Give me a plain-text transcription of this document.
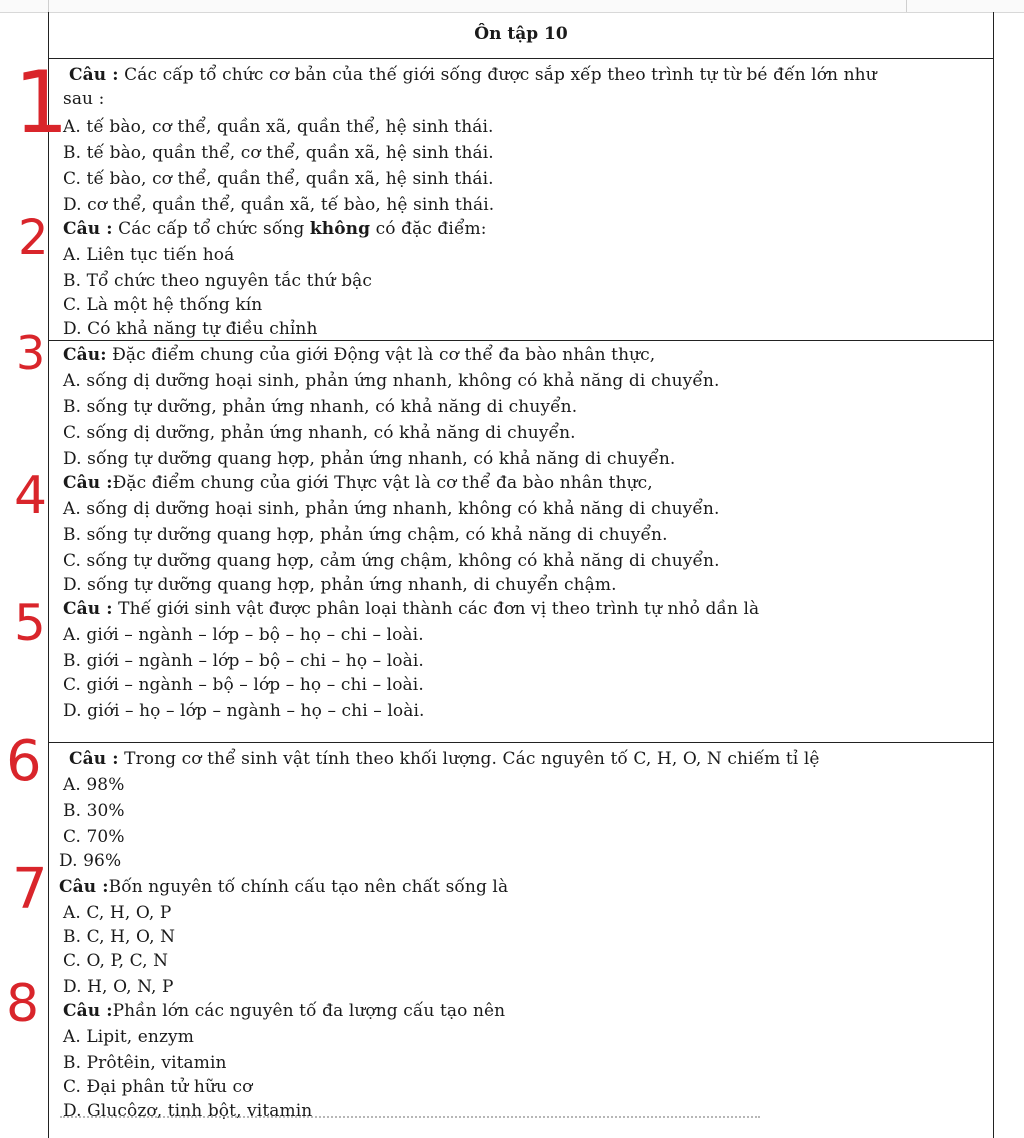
Ôn tập 10
Câu : Các cấp tổ chức cơ bản của thế giới sống được sắp xếp theo trình tự từ bé đến lớn như
sau :
A. tế bào, cơ thể, quần xã, quần thể, hệ sinh thái.
B. tế bào, quần thể, cơ thể, quần xã, hệ sinh thái.
C. tế bào, cơ thể, quần thể, quần xã, hệ sinh thái.
D. cơ thể, quần thể, quần xã, tế bào, hệ sinh thái.
Câu : Các cấp tổ chức sống không có đặc điểm:
A. Liên tục tiến hoá
B. Tổ chức theo nguyên tắc thứ bậc
C. Là một hệ thống kín
D. Có khả năng tự điều chỉnh
Câu: Đặc điểm chung của giới Động vật là cơ thể đa bào nhân thực,
A. sống dị dưỡng hoại sinh, phản ứng nhanh, không có khả năng di chuyển.
B. sống tự dưỡng, phản ứng nhanh, có khả năng di chuyển.
C. sống dị dưỡng, phản ứng nhanh, có khả năng di chuyển.
D. sống tự dưỡng quang hợp, phản ứng nhanh, có khả năng di chuyển.
Câu :Đặc điểm chung của giới Thực vật là cơ thể đa bào nhân thực,
A. sống dị dưỡng hoại sinh, phản ứng nhanh, không có khả năng di chuyển.
B. sống tự dưỡng quang hợp, phản ứng chậm, có khả năng di chuyển.
C. sống tự dưỡng quang hợp, cảm ứng chậm, không có khả năng di chuyển.
D. sống tự dưỡng quang hợp, phản ứng nhanh, di chuyển chậm.
Câu : Thế giới sinh vật được phân loại thành các đơn vị theo trình tự nhỏ dần là
A. giới – ngành – lớp – bộ – họ – chi – loài.
B. giới – ngành – lớp – bộ – chi – họ – loài.
C. giới – ngành – bộ – lớp – họ – chi – loài.
D. giới – họ – lớp – ngành – họ – chi – loài.
Câu : Trong cơ thể sinh vật tính theo khối lượng. Các nguyên tố C, H, O, N chiếm tỉ lệ
A. 98%
B. 30%
C. 70%
D. 96%
Câu :Bốn nguyên tố chính cấu tạo nên chất sống là
A. C, H, O, P
B. C, H, O, N
C. O, P, C, N
D. H, O, N, P
Câu :Phần lớn các nguyên tố đa lượng cấu tạo nên
A. Lipit, enzym
B. Prôtêin, vitamin
C. Đại phân tử hữu cơ
D. Glucôzơ, tinh bột, vitamin
1
2
3
4
5
6
7
8
